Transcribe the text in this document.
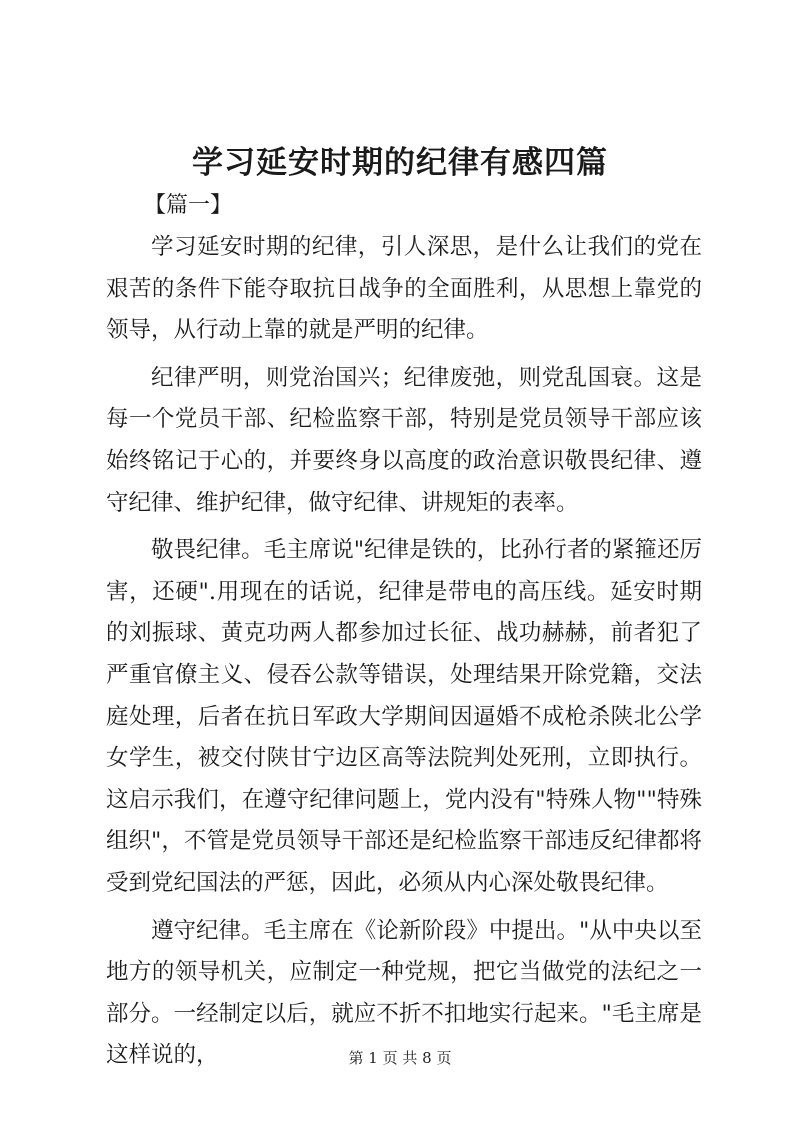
学习延安时期的纪律有感四篇
【篇一】

学习延安时期的纪律，引人深思，是什么让我们的党在艰苦的条件下能夺取抗日战争的全面胜利，从思想上靠党的领导，从行动上靠的就是严明的纪律。

纪律严明，则党治国兴；纪律废弛，则党乱国衰。这是每一个党员干部、纪检监察干部，特别是党员领导干部应该始终铭记于心的，并要终身以高度的政治意识敬畏纪律、遵守纪律、维护纪律，做守纪律、讲规矩的表率。

敬畏纪律。毛主席说"纪律是铁的，比孙行者的紧箍还厉害，还硬".用现在的话说，纪律是带电的高压线。延安时期的刘振球、黄克功两人都参加过长征、战功赫赫，前者犯了严重官僚主义、侵吞公款等错误，处理结果开除党籍，交法庭处理，后者在抗日军政大学期间因逼婚不成枪杀陕北公学女学生，被交付陕甘宁边区高等法院判处死刑，立即执行。这启示我们，在遵守纪律问题上，党内没有"特殊人物""特殊组织"，不管是党员领导干部还是纪检监察干部违反纪律都将受到党纪国法的严惩，因此，必须从内心深处敬畏纪律。

遵守纪律。毛主席在《论新阶段》中提出。"从中央以至地方的领导机关，应制定一种党规，把它当做党的法纪之一部分。一经制定以后，就应不折不扣地实行起来。"毛主席是这样说的，	第 1 页 共 8 页
